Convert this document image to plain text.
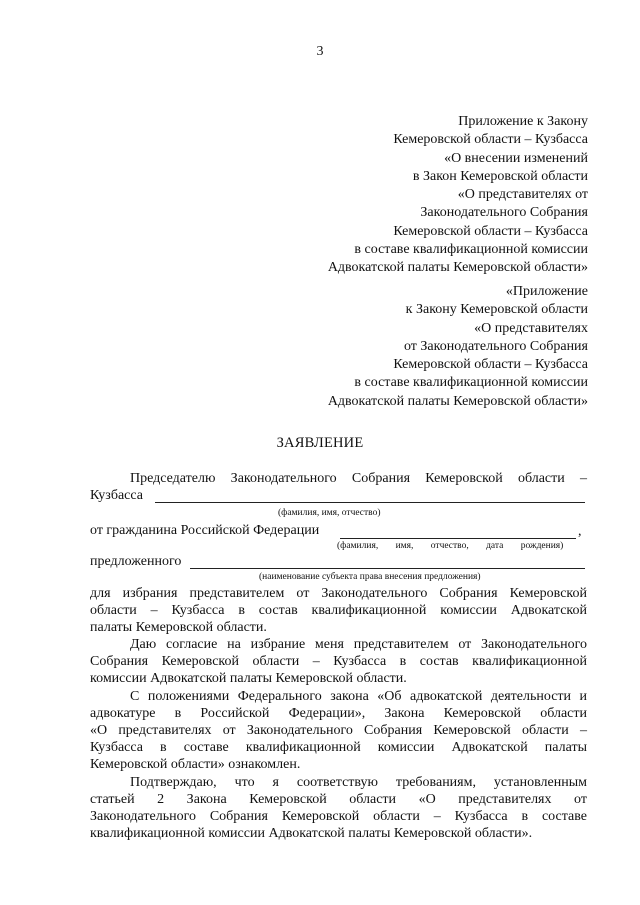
3
Приложение к Закону
Кемеровской области – Кузбасса
«О внесении изменений
в Закон Кемеровской области
«О представителях от
Законодательного Собрания
Кемеровской области – Кузбасса
в составе квалификационной комиссии
Адвокатской палаты Кемеровской области»
«Приложение
к Закону Кемеровской области
«О представителях
от Законодательного Собрания
Кемеровской области – Кузбасса
в составе квалификационной комиссии
Адвокатской палаты Кемеровской области»
ЗАЯВЛЕНИЕ
Председателю Законодательного Собрания Кемеровской области –
Кузбасса
(фамилия, имя, отчество)
от гражданина Российской Федерации	,
(фамилия, имя, отчество, дата рождения)
предложенного
(наименование субъекта права внесения предложения)
для избрания представителем от Законодательного Собрания Кемеровской
области – Кузбасса в состав квалификационной комиссии Адвокатской
палаты Кемеровской области.
Даю согласие на избрание меня представителем от Законодательного
Собрания Кемеровской области – Кузбасса в состав квалификационной
комиссии Адвокатской палаты Кемеровской области.
С положениями Федерального закона «Об адвокатской деятельности и
адвокатуре в Российской Федерации», Закона Кемеровской области
«О представителях от Законодательного Собрания Кемеровской области –
Кузбасса в составе квалификационной комиссии Адвокатской палаты
Кемеровской области» ознакомлен.
Подтверждаю, что я соответствую требованиям, установленным
статьей 2 Закона Кемеровской области «О представителях от
Законодательного Собрания Кемеровской области – Кузбасса в составе
квалификационной комиссии Адвокатской палаты Кемеровской области».
